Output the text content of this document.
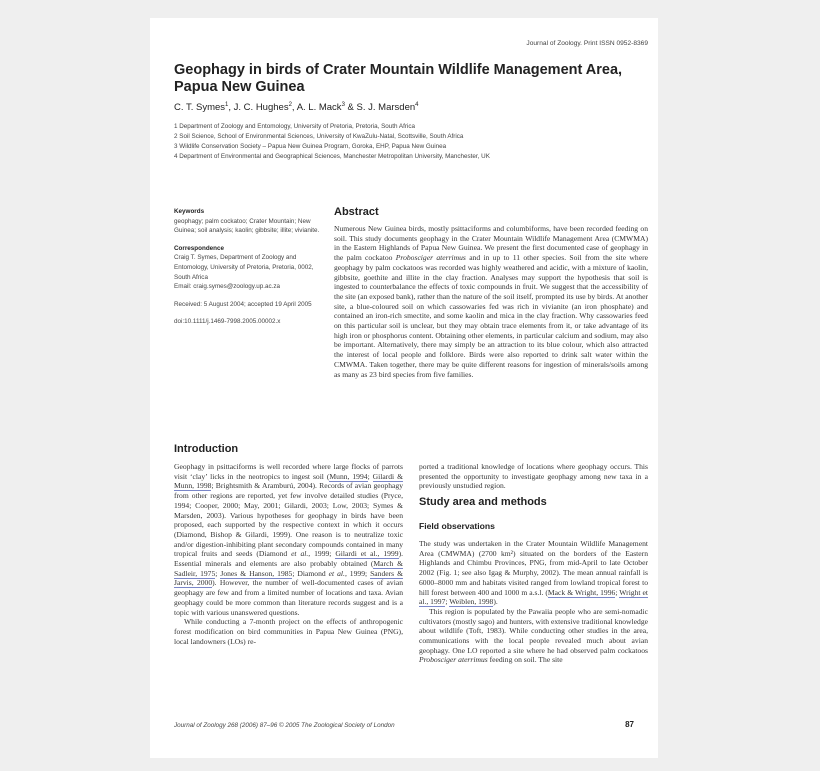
Journal of Zoology. Print ISSN 0952-8369
Geophagy in birds of Crater Mountain Wildlife Management Area, Papua New Guinea
C. T. Symes$^1$, J. C. Hughes$^2$, A. L. Mack$^3$ & S. J. Marsden$^4$
1 Department of Zoology and Entomology, University of Pretoria, Pretoria, South Africa
2 Soil Science, School of Environmental Sciences, University of KwaZulu-Natal, Scottsville, South Africa
3 Wildlife Conservation Society – Papua New Guinea Program, Goroka, EHP, Papua New Guinea
4 Department of Environmental and Geographical Sciences, Manchester Metropolitan University, Manchester, UK

Keywords
geophagy; palm cockatoo; Crater Mountain; New Guinea; soil analysis; kaolin; gibbsite; illite; vivianite.

Correspondence
Craig T. Symes, Department of Zoology and Entomology, University of Pretoria, Pretoria, 0002, South Africa
Email: craig.symes@zoology.up.ac.za

Received: 5 August 2004; accepted 19 April 2005

doi:10.1111/j.1469-7998.2005.00002.x

Abstract
Numerous New Guinea birds, mostly psittaciforms and columbiforms, have been recorded feeding on soil. This study documents geophagy in the Crater Mountain Wildlife Management Area (CMWMA) in the Eastern Highlands of Papua New Guinea. We present the first documented case of geophagy in the palm cockatoo Probosciger aterrimus and in up to 11 other species. Soil from the site where geophagy by palm cockatoos was recorded was highly weathered and acidic, with a mixture of kaolin, gibbsite, goethite and illite in the clay fraction. Analyses may support the hypothesis that soil is ingested to counterbalance the effects of toxic compounds in fruit. We suggest that the accessibility of the site (an exposed bank), rather than the nature of the soil itself, prompted its use by birds. At another site, a blue-coloured soil on which cassowaries fed was rich in vivianite (an iron phosphate) and contained an iron-rich smectite, and some kaolin and mica in the clay fraction. Why cassowaries feed on this particular soil is unclear, but they may obtain trace elements from it, or take advantage of its high iron or phosphorus content. Obtaining other elements, in particular calcium and sodium, may also be important. Alternatively, there may simply be an attraction to its blue colour, which also attracted the interest of local people and folklore. Birds were also reported to drink salt water within the CMWMA. Taken together, there may be quite different reasons for ingestion of minerals/soils among as many as 23 bird species from five families.
Introduction

Geophagy in psittaciforms is well recorded where large flocks of parrots visit ‘clay’ licks in the neotropics to ingest soil (Munn, 1994; Gilardi & Munn, 1998; Brightsmith & Aramburú, 2004). Records of avian geophagy from other regions are reported, yet few involve detailed studies (Pryce, 1994; Cooper, 2000; May, 2001; Gilardi, 2003; Low, 2003; Symes & Marsden, 2003). Various hypotheses for geophagy in birds have been proposed, each supported by the respective context in which it occurs (Diamond, Bishop & Gilardi, 1999). One reason is to neutralize toxic and/or digestion-inhibiting plant secondary compounds contained in many tropical fruits and seeds (Diamond et al., 1999; Gilardi et al., 1999). Essential minerals and elements are also probably obtained (March & Sadleir, 1975; Jones & Hanson, 1985; Diamond et al., 1999; Sanders & Jarvis, 2000). However, the number of well-documented cases of avian geophagy are few and from a limited number of locations and taxa. Avian geophagy could be more common than literature records suggest and is a topic with various unanswered questions.

While conducting a 7-month project on the effects of anthropogenic forest modification on bird communities in Papua New Guinea (PNG), local landowners (LOs) re-

ported a traditional knowledge of locations where geophagy occurs. This presented the opportunity to investigate geophagy among new taxa in a previously unstudied region.

Study area and methods
Field observations

The study was undertaken in the Crater Mountain Wildlife Management Area (CMWMA) (2700 km²) situated on the borders of the Eastern Highlands and Chimbu Provinces, PNG, from mid-April to late October 2002 (Fig. 1; see also Igag & Murphy, 2002). The mean annual rainfall is 6000–8000 mm and habitats visited ranged from lowland tropical forest to hill forest between 400 and 1000 m a.s.l. (Mack & Wright, 1996; Wright et al., 1997; Weiblen, 1998).

This region is populated by the Pawaiia people who are semi-nomadic cultivators (mostly sago) and hunters, with extensive traditional knowledge about wildlife (Toft, 1983). While conducting other studies in the area, communications with the local people revealed much about avian geophagy. One LO reported a site where he had observed palm cockatoos Probosciger aterrimus feeding on soil. The site

Journal of Zoology 268 (2006) 87–96 © 2005 The Zoological Society of London	87
